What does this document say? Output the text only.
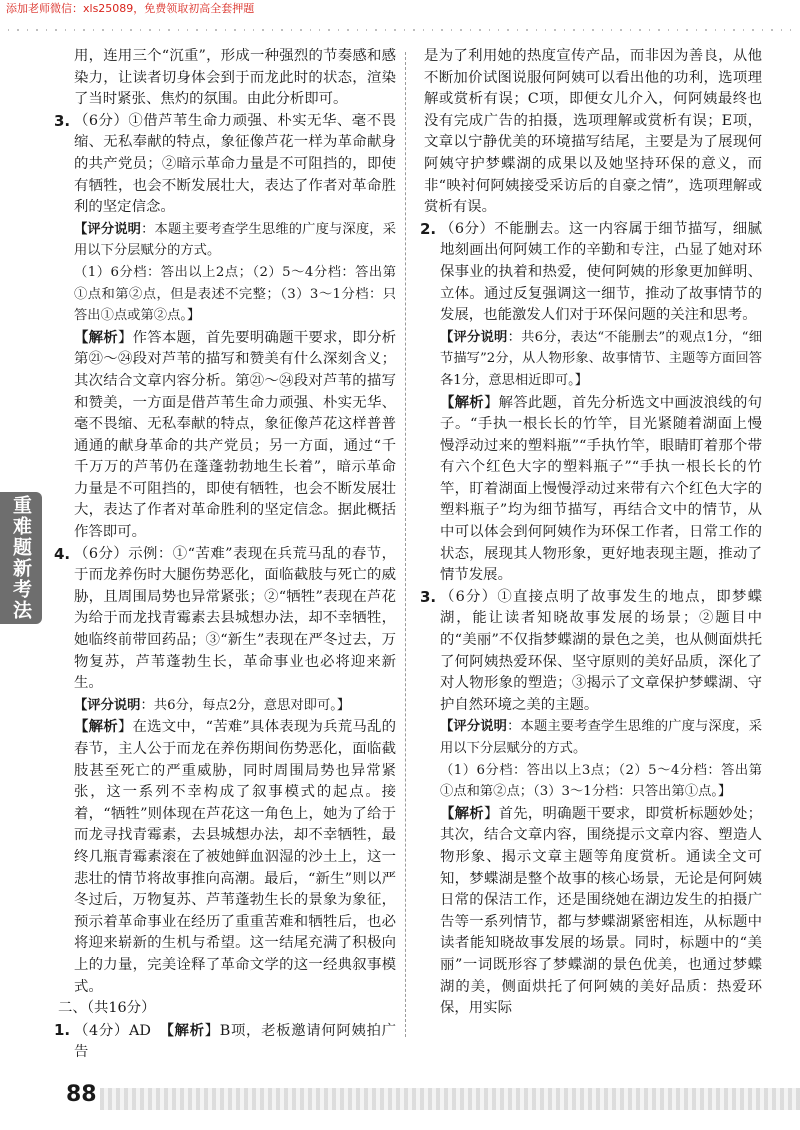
添加老师微信：xls25089，免费领取初高全套押题
重难题新考法

用，连用三个“沉重”，形成一种强烈的节奏感和感染力，让读者切身体会到于而龙此时的状态，渲染了当时紧张、焦灼的氛围。由此分析即可。

3. （6分）①借芦苇生命力顽强、朴实无华、毫不畏缩、无私奉献的特点，象征像芦花一样为革命献身的共产党员；②暗示革命力量是不可阻挡的，即使有牺牲，也会不断发展壮大，表达了作者对革命胜利的坚定信念。

【评分说明：本题主要考查学生思维的广度与深度，采用以下分层赋分的方式。

（1）6分档：答出以上2点；（2）5～4分档：答出第①点和第②点，但是表述不完整；（3）3～1分档：只答出①点或第②点。】

【解析】作答本题，首先要明确题干要求，即分析第㉑～㉔段对芦苇的描写和赞美有什么深刻含义；其次结合文章内容分析。第㉑～㉔段对芦苇的描写和赞美，一方面是借芦苇生命力顽强、朴实无华、毫不畏缩、无私奉献的特点，象征像芦花这样普普通通的献身革命的共产党员；另一方面，通过“千千万万的芦苇仍在蓬蓬勃勃地生长着”，暗示革命力量是不可阻挡的，即使有牺牲，也会不断发展壮大，表达了作者对革命胜利的坚定信念。据此概括作答即可。

4. （6分）示例：①“苦难”表现在兵荒马乱的春节，于而龙养伤时大腿伤势恶化，面临截肢与死亡的威胁，且周围局势也异常紧张；②“牺牲”表现在芦花为给于而龙找青霉素去县城想办法，却不幸牺牲，她临终前带回药品；③“新生”表现在严冬过去，万物复苏，芦苇蓬勃生长，革命事业也必将迎来新生。

【评分说明：共6分，每点2分，意思对即可。】

【解析】在选文中，“苦难”具体表现为兵荒马乱的春节，主人公于而龙在养伤期间伤势恶化，面临截肢甚至死亡的严重威胁，同时周围局势也异常紧张，这一系列不幸构成了叙事模式的起点。接着，“牺牲”则体现在芦花这一角色上，她为了给于而龙寻找青霉素，去县城想办法，却不幸牺牲，最终几瓶青霉素滚在了被她鲜血泅湿的沙土上，这一悲壮的情节将故事推向高潮。最后，“新生”则以严冬过后，万物复苏、芦苇蓬勃生长的景象为象征，预示着革命事业在经历了重重苦难和牺牲后，也必将迎来崭新的生机与希望。这一结尾充满了积极向上的力量，完美诠释了革命文学的这一经典叙事模式。

二、（共16分）

1. （4分）AD　 【解析】B项，老板邀请何阿姨拍广告

是为了利用她的热度宣传产品，而非因为善良，从他不断加价试图说服何阿姨可以看出他的功利，选项理解或赏析有误；C项，即便女儿介入，何阿姨最终也没有完成广告的拍摄，选项理解或赏析有误；E项，文章以宁静优美的环境描写结尾，主要是为了展现何阿姨守护梦蝶湖的成果以及她坚持环保的意义，而非“映衬何阿姨接受采访后的自豪之情”，选项理解或赏析有误。

2. （6分）不能删去。这一内容属于细节描写，细腻地刻画出何阿姨工作的辛勤和专注，凸显了她对环保事业的执着和热爱，使何阿姨的形象更加鲜明、立体。通过反复强调这一细节，推动了故事情节的发展，也能激发人们对于环保问题的关注和思考。

【评分说明：共6分，表达“不能删去”的观点1分，“细节描写”2分，从人物形象、故事情节、主题等方面回答各1分，意思相近即可。】

【解析】解答此题，首先分析选文中画波浪线的句子。“手执一根长长的竹竿，目光紧随着湖面上慢慢浮动过来的塑料瓶”“手执竹竿，眼睛盯着那个带有六个红色大字的塑料瓶子”“手执一根长长的竹竿，盯着湖面上慢慢浮动过来带有六个红色大字的塑料瓶子”均为细节描写，再结合文中的情节，从中可以体会到何阿姨作为环保工作者，日常工作的状态，展现其人物形象，更好地表现主题，推动了情节发展。

3. （6分）①直接点明了故事发生的地点，即梦蝶湖，能让读者知晓故事发展的场景；②题目中的“美丽”不仅指梦蝶湖的景色之美，也从侧面烘托了何阿姨热爱环保、坚守原则的美好品质，深化了对人物形象的塑造；③揭示了文章保护梦蝶湖、守护自然环境之美的主题。

【评分说明：本题主要考查学生思维的广度与深度，采用以下分层赋分的方式。

（1）6分档：答出以上3点；（2）5～4分档：答出第①点和第②点；（3）3～1分档：只答出第①点。】

【解析】首先，明确题干要求，即赏析标题妙处；其次，结合文章内容，围绕提示文章内容、塑造人物形象、揭示文章主题等角度赏析。通读全文可知，梦蝶湖是整个故事的核心场景，无论是何阿姨日常的保洁工作，还是围绕她在湖边发生的拍摄广告等一系列情节，都与梦蝶湖紧密相连，从标题中读者能知晓故事发展的场景。同时，标题中的“美丽”一词既形容了梦蝶湖的景色优美，也通过梦蝶湖的美，侧面烘托了何阿姨的美好品质：热爱环保，用实际

88
